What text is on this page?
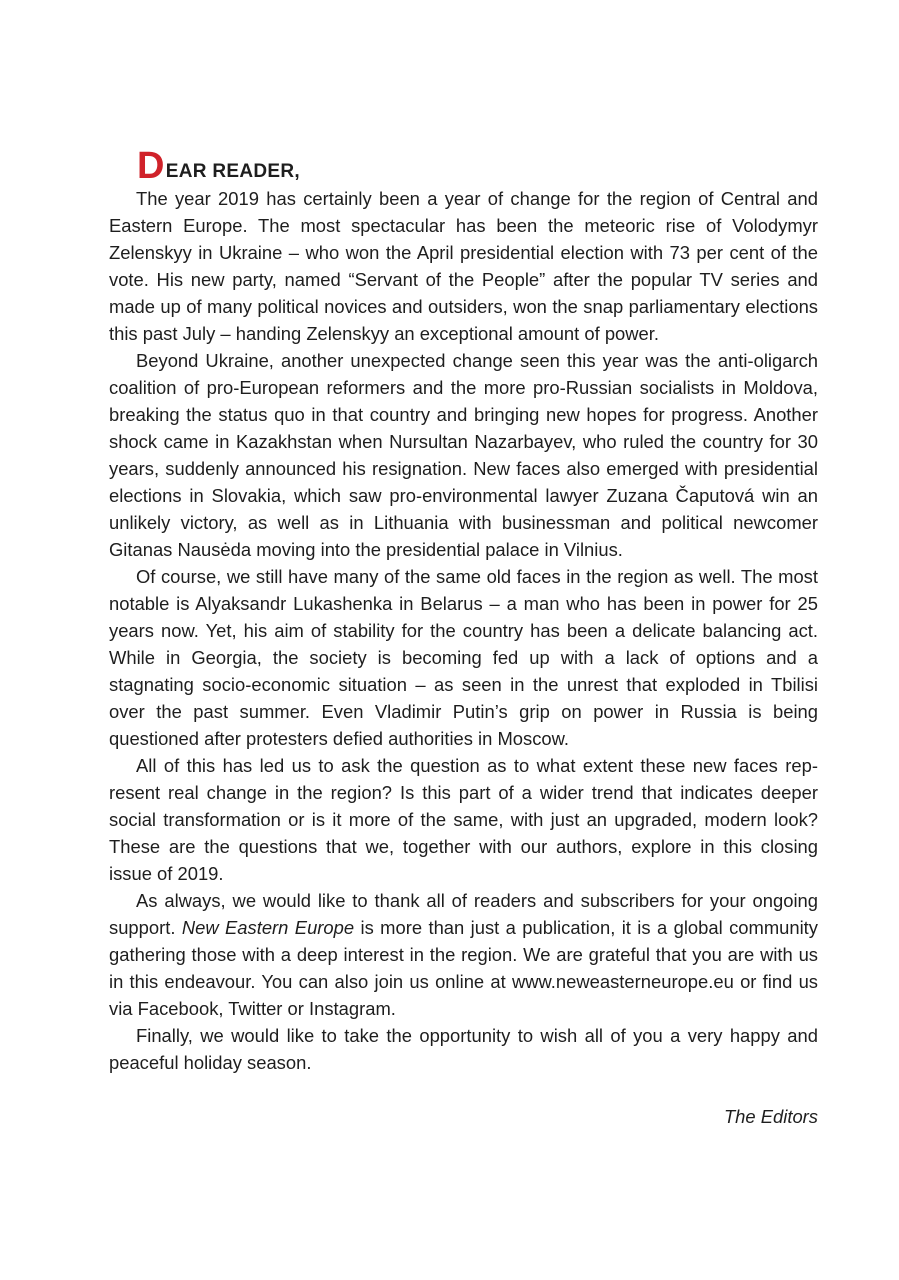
DEAR READER,

The year 2019 has certainly been a year of change for the region of Central and Eastern Europe. The most spectacular has been the meteoric rise of Volodymyr Zelenskyy in Ukraine – who won the April presidential election with 73 per cent of the vote. His new party, named “Servant of the People” after the popular TV series and made up of many political novices and outsiders, won the snap parliamentary elections this past July – handing Zelenskyy an exceptional amount of power.

Beyond Ukraine, another unexpected change seen this year was the anti-oligarch coalition of pro-European reformers and the more pro-Russian socialists in Moldova, breaking the status quo in that country and bringing new hopes for progress. Another shock came in Kazakhstan when Nursultan Nazarbayev, who ruled the country for 30 years, suddenly announced his resignation. New faces also emerged with presidential elections in Slovakia, which saw pro-environmental lawyer Zuzana Čaputová win an unlikely victory, as well as in Lithuania with businessman and political newcomer Gitanas Nausėda moving into the presidential palace in Vilnius.

Of course, we still have many of the same old faces in the region as well. The most notable is Alyaksandr Lukashenka in Belarus – a man who has been in power for 25 years now. Yet, his aim of stability for the country has been a delicate balancing act. While in Georgia, the society is becoming fed up with a lack of options and a stagnating socio-economic situation – as seen in the unrest that exploded in Tbilisi over the past summer. Even Vladimir Putin’s grip on power in Russia is being questioned after protesters defied authorities in Moscow.

All of this has led us to ask the question as to what extent these new faces represent real change in the region? Is this part of a wider trend that indicates deeper social transformation or is it more of the same, with just an upgraded, modern look? These are the questions that we, together with our authors, explore in this closing issue of 2019.

As always, we would like to thank all of readers and subscribers for your ongoing support. New Eastern Europe is more than just a publication, it is a global community gathering those with a deep interest in the region. We are grateful that you are with us in this endeavour. You can also join us online at www.neweasterneurope.eu or find us via Facebook, Twitter or Instagram.

Finally, we would like to take the opportunity to wish all of you a very happy and peaceful holiday season.

The Editors
